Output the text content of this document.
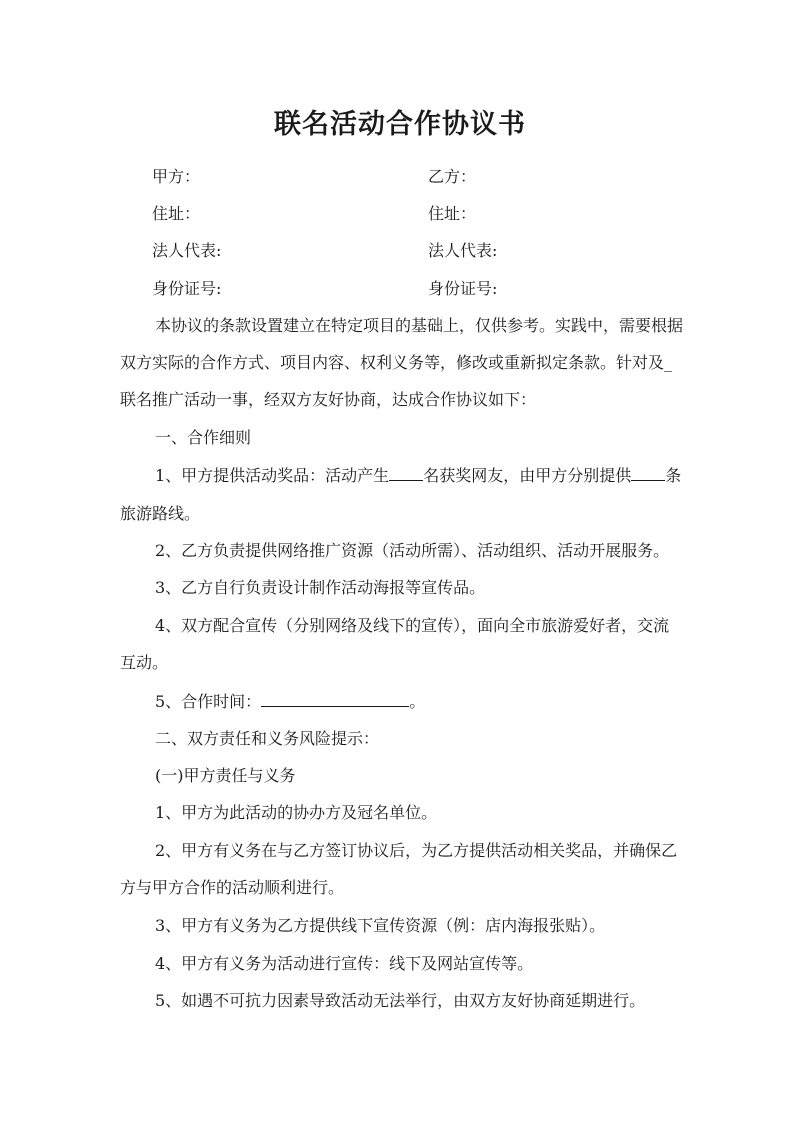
联名活动合作协议书
甲方：	乙方：
住址：	住址：
法人代表:	法人代表:
身份证号:	身份证号:
本协议的条款设置建立在特定项目的基础上，仅供参考。实践中，需要根据
双方实际的合作方式、项目内容、权利义务等，修改或重新拟定条款。针对及_
联名推广活动一事，经双方友好协商，达成合作协议如下：
一、合作细则
1、甲方提供活动奖品：活动产生 名获奖网友，由甲方分别提供 条
旅游路线。
2、乙方负责提供网络推广资源（活动所需）、活动组织、活动开展服务。
3、乙方自行负责设计制作活动海报等宣传品。
4、双方配合宣传（分别网络及线下的宣传），面向全市旅游爱好者，交流
互动。
5、合作时间：	。
二、双方责任和义务风险提示：
(一)甲方责任与义务
1、甲方为此活动的协办方及冠名单位。
2、甲方有义务在与乙方签订协议后，为乙方提供活动相关奖品，并确保乙
方与甲方合作的活动顺利进行。
3、甲方有义务为乙方提供线下宣传资源（例：店内海报张贴）。
4、甲方有义务为活动进行宣传：线下及网站宣传等。
5、如遇不可抗力因素导致活动无法举行，由双方友好协商延期进行。
